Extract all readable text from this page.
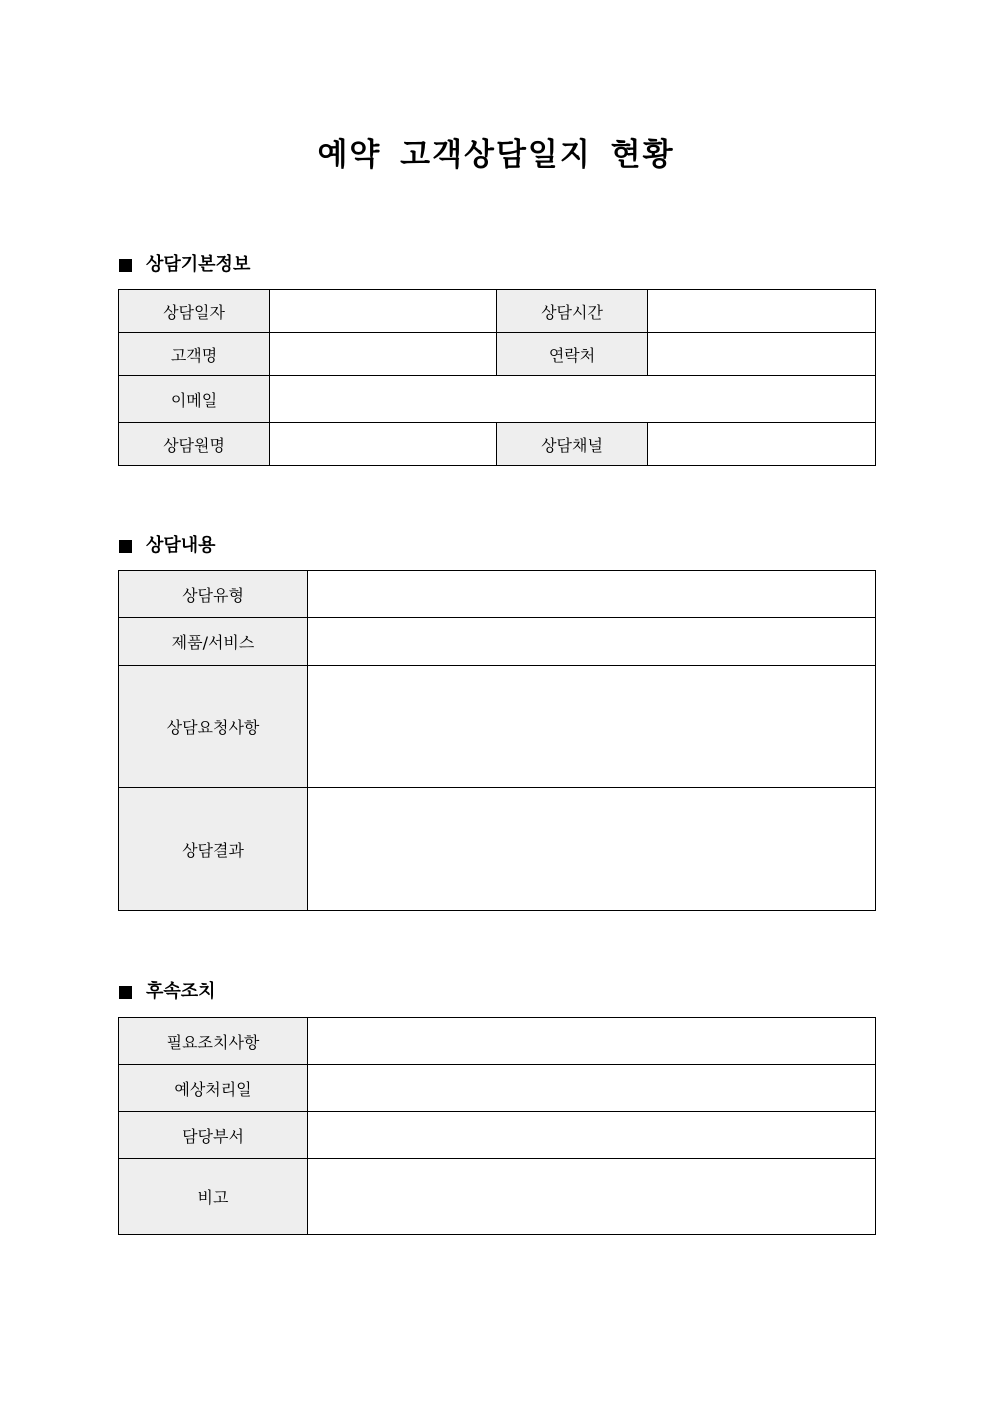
예약 고객상담일지 현황
상담기본정보
상담일자		상담시간	
고객명		연락처	
이메일			
상담원명		상담채널	
상담내용
상담유형	
제품/서비스	
상담요청사항	
상담결과	
후속조치
필요조치사항	
예상처리일	
담당부서	
비고	
